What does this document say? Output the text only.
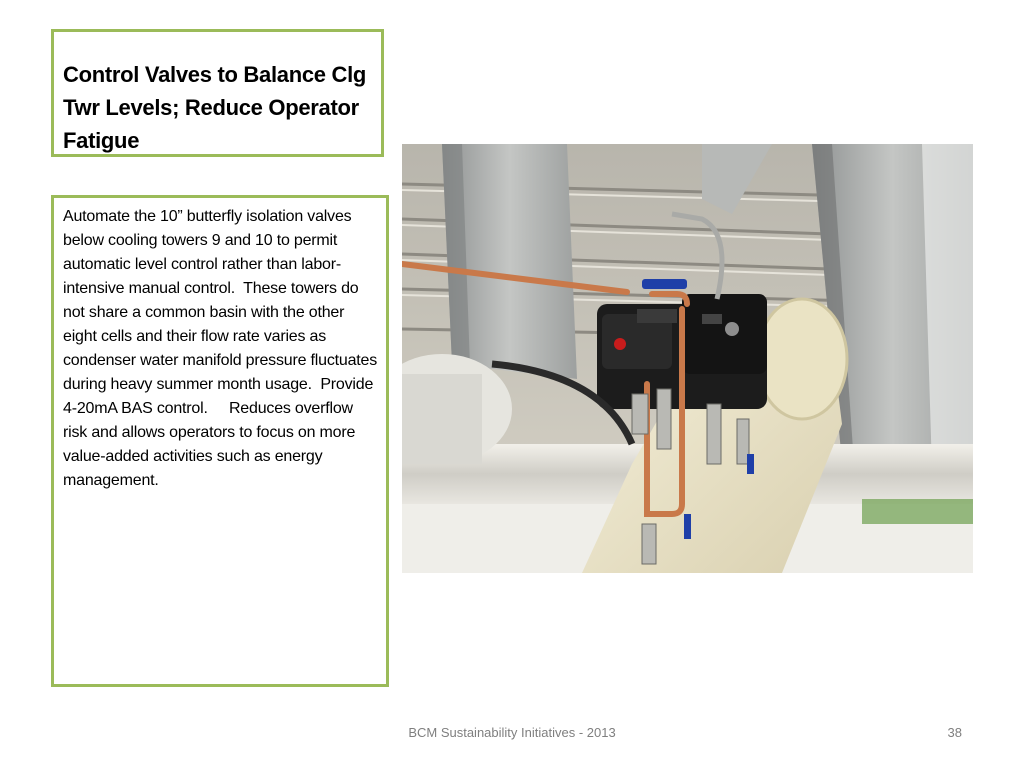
Control Valves to Balance Clg Twr Levels; Reduce Operator Fatigue

Automate the 10” butterfly isolation valves below cooling towers 9 and 10 to permit automatic level control rather than labor-intensive manual control.  These towers do not share a common basin with the other eight cells and their flow rate varies as condenser water manifold pressure fluctuates during heavy summer month usage.  Provide 4-20mA BAS control.     Reduces overflow risk and allows operators to focus on more value-added activities such as energy management.

BCM Sustainability Initiatives - 2013	38
